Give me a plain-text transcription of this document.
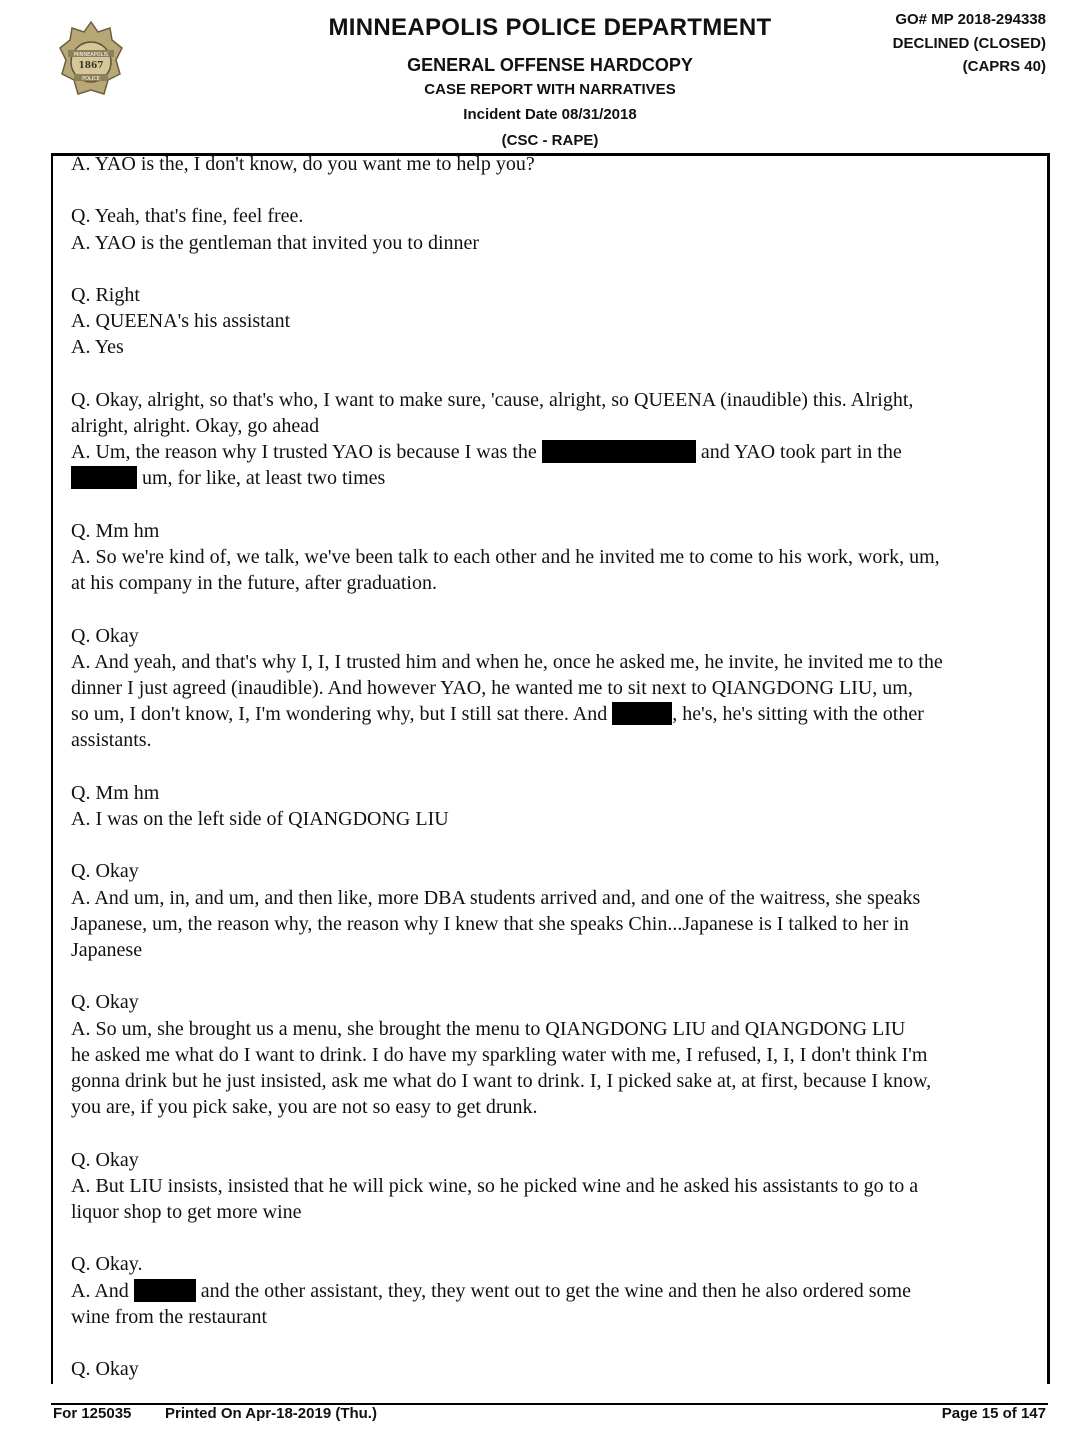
MINNEAPOLIS
1867
POLICE
MINNEAPOLIS POLICE DEPARTMENT
GENERAL OFFENSE HARDCOPY
CASE REPORT WITH NARRATIVES
Incident Date 08/31/2018
(CSC - RAPE)
GO# MP 2018-294338
DECLINED (CLOSED)
(CAPRS 40)

A. YAO is the, I don't know, do you want me to help you?

Q. Yeah, that's fine, feel free.

A. YAO is the gentleman that invited you to dinner

Q. Right

A. QUEENA's his assistant

A. Yes

Q. Okay, alright, so that's who, I want to make sure, 'cause, alright, so QUEENA (inaudible) this. Alright,

alright, alright. Okay, go ahead

A. Um, the reason why I trusted YAO is because I was the	and YAO took part in the

um, for like, at least two times

Q. Mm hm

A. So we're kind of, we talk, we've been talk to each other and he invited me to come to his work, work, um,

at his company in the future, after graduation.

Q. Okay

A. And yeah, and that's why I, I, I trusted him and when he, once he asked me, he invite, he invited me to the

dinner I just agreed (inaudible). And however YAO, he wanted me to sit next to QIANGDONG LIU, um,

so um, I don't know, I, I'm wondering why, but I still sat there. And	, he's, he's sitting with the other

assistants.

Q. Mm hm

A. I was on the left side of QIANGDONG LIU

Q. Okay

A. And um, in, and um, and then like, more DBA students arrived and, and one of the waitress, she speaks

Japanese, um, the reason why, the reason why I knew that she speaks Chin...Japanese is I talked to her in

Japanese

Q. Okay

A. So um, she brought us a menu, she brought the menu to QIANGDONG LIU and QIANGDONG LIU

he asked me what do I want to drink. I do have my sparkling water with me, I refused, I, I, I don't think I'm

gonna drink but he just insisted, ask me what do I want to drink. I, I picked sake at, at first, because I know,

you are, if you pick sake, you are not so easy to get drunk.

Q. Okay

A. But LIU insists, insisted that he will pick wine, so he picked wine and he asked his assistants to go to a

liquor shop to get more wine

Q. Okay.

A. And	and the other assistant, they, they went out to get the wine and then he also ordered some

wine from the restaurant

Q. Okay

For 125035 Printed On Apr-18-2019 (Thu.)	Page 15 of 147
